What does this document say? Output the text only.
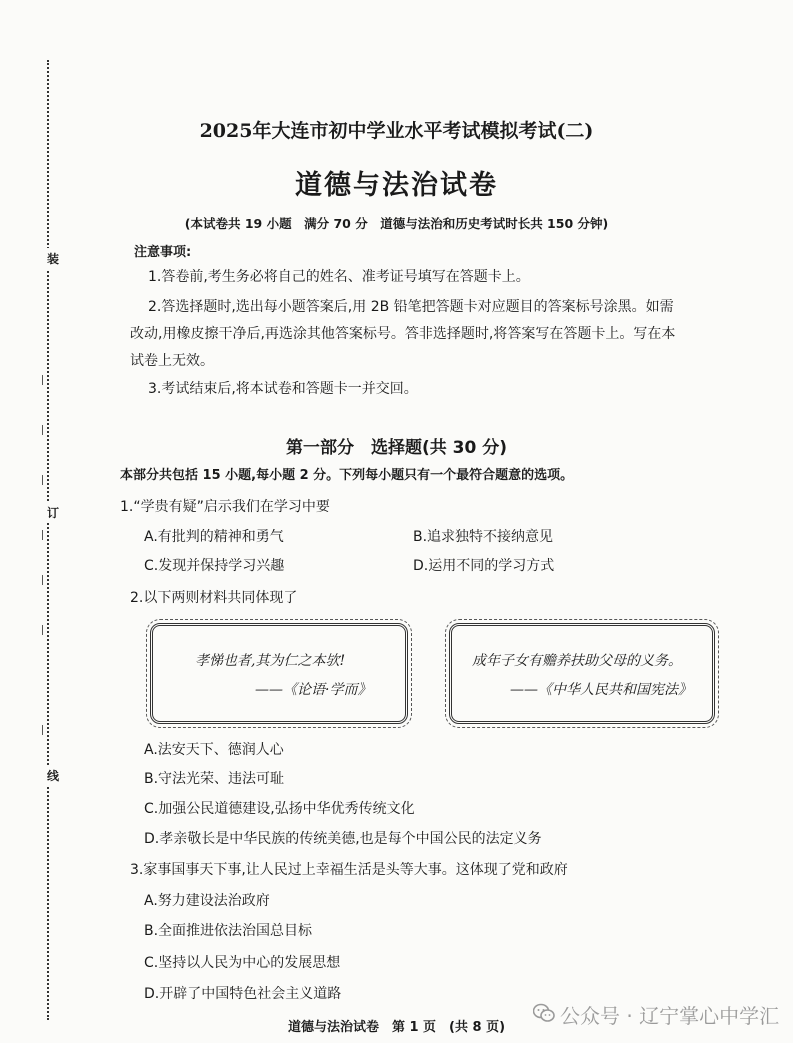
装
订
线
2025年大连市初中学业水平考试模拟考试(二)
道德与法治试卷
(本试卷共 19 小题　满分 70 分　道德与法治和历史考试时长共 150 分钟)
注意事项:
1.答卷前,考生务必将自己的姓名、准考证号填写在答题卡上。
2.答选择题时,选出每小题答案后,用 2B 铅笔把答题卡对应题目的答案标号涂黑。如需
改动,用橡皮擦干净后,再选涂其他答案标号。答非选择题时,将答案写在答题卡上。写在本
试卷上无效。
3.考试结束后,将本试卷和答题卡一并交回。
第一部分　选择题(共 30 分)
本部分共包括 15 小题,每小题 2 分。下列每小题只有一个最符合题意的选项。
1.“学贵有疑”启示我们在学习中要
A.有批判的精神和勇气	B.追求独特不接纳意见
C.发现并保持学习兴趣	D.运用不同的学习方式
2.以下两则材料共同体现了
孝悌也者,其为仁之本欤!
——《论语·学而》
成年子女有赡养扶助父母的义务。
——《中华人民共和国宪法》
A.法安天下、德润人心
B.守法光荣、违法可耻
C.加强公民道德建设,弘扬中华优秀传统文化
D.孝亲敬长是中华民族的传统美德,也是每个中国公民的法定义务
3.家事国事天下事,让人民过上幸福生活是头等大事。这体现了党和政府
A.努力建设法治政府
B.全面推进依法治国总目标
C.坚持以人民为中心的发展思想
D.开辟了中国特色社会主义道路
道德与法治试卷　第 1 页　(共 8 页)	公众号 · 辽宁掌心中学汇
